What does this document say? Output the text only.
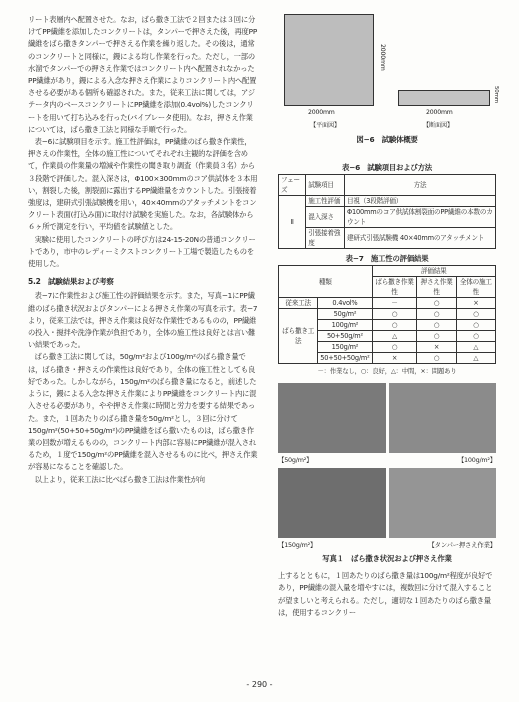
リート表層内へ配置させた。なお，ばら撒き工法で２回または３回に分けてPP繊維を添加したコンクリートは，タンパーで押さえた後，再度PP繊維をばら撒きタンパーで押さえる作業を繰り返した。その後は，通常のコンクリートと同様に，鏝による均し作業を行った。ただし，一部の水溜でタンパーでの押さえ作業ではコンクリート内へ配置されなかったPP繊維があり，鏝による入念な押さえ作業によりコンクリート内へ配置させる必要がある個所も確認された。また，従来工法に関しては，アジテータ内のベースコンクリートにPP繊維を添加(0.4vol%)したコンクリートを用いて打ち込みを行った(バイブレータ使用)。なお，押さえ作業については，ばら撒き工法と同様な手順で行った。

表−6に試験項目を示す。施工性評価は，PP繊維のばら撒き作業性，押さえの作業性，全体の施工性についてそれぞれ主観的な評価を含めて，作業員の作業量の増減や作業性の聞き取り調査（作業員３名）から３段階で評価した。混入深さは，Φ100×300mmのコア供試体を３本用い，割裂した後，割裂面に露出するPP繊維量をカウントした。引張接着強度は，建研式引張試験機を用い，40×40mmのアタッチメントをコンクリート表面(打込み面)に取付け試験を実施した。なお，各試験体から６ヶ所で測定を行い，平均値を試験値とした。

実験に使用したコンクリートの呼び方は24-15-20Nの普通コンクリートであり，市中のレディーミクストコンクリート工場で製造したものを使用した。

5.2　試験結果および考察

表−7に作業性および施工性の評価結果を示す。また，写真−1にPP繊維のばら撒き状況およびタンパーによる押さえ作業の写真を示す。表−7より，従来工法では，押さえ作業は良好な作業性であるものの，PP繊維の投入・撹拌や洗浄作業が負担であり，全体の施工性は良好とは言い難い結果であった。

ばら撒き工法に関しては，50g/m²および100g/m²のばら撒き量では，ばら撒き・押さえの作業性は良好であり，全体の施工性としても良好であった。しかしながら，150g/m²のばら撒き量になると，前述したように，鏝による入念な押さえ作業によりPP繊維をコンクリート内に混入させる必要があり，やや押さえ作業に時間と労力を要する結果であった。また，１回あたりのばら撒き量を50g/m²とし，３回に分けて150g/m²(50+50+50g/m²)のPP繊維をばら撒いたものは，ばら撒き作業の回数が増えるものの，コンクリート内部に容易にPP繊維が混入されるため，１度で150g/m²のPP繊維を混入させるものに比べ，押さえ作業が容易になることを確認した。

以上より，従来工法に比べばら撒き工法は作業性が向

2000mm
2000mm	2000mm
50mm
【平面図】	【断面図】
図−6　試験体概要
表−6　試験項目および方法
フェーズ	試験項目	方法
Ⅱ	施工性評価	目視（3段階評価）
	混入深さ	Φ100mmのコア供試体割裂面のPP繊維の本数のカウント
	引張接着強度	建研式引張試験機 40×40mmのアタッチメント
表−7　施工性の評価結果
種類		評価結果		
		ばら撒き作業性	押さえ作業性	全体の施工性
従来工法	0.4vol%	－	○	×
ばら撒き工法	50g/m²	○	○	○
	100g/m²	○	○	○
	50+50g/m²	△	○	○
	150g/m²	○	×	△
	50+50+50g/m²	×	○	△
－：作業なし，○：良好，△：中間，×：問題あり
【50g/m²】	【100g/m²】
【150g/m²】	【タンパー押さえ作業】
写真１　ばら撒き状況および押さえ作業

上するとともに，１回あたりのばら撒き量は100g/m²程度が良好であり，PP繊維の混入量を増やすには，複数回に分けて混入することが望ましいと考えられる。ただし，適切な１回あたりのばら撒き量は，使用するコンクリー

- 290 -
